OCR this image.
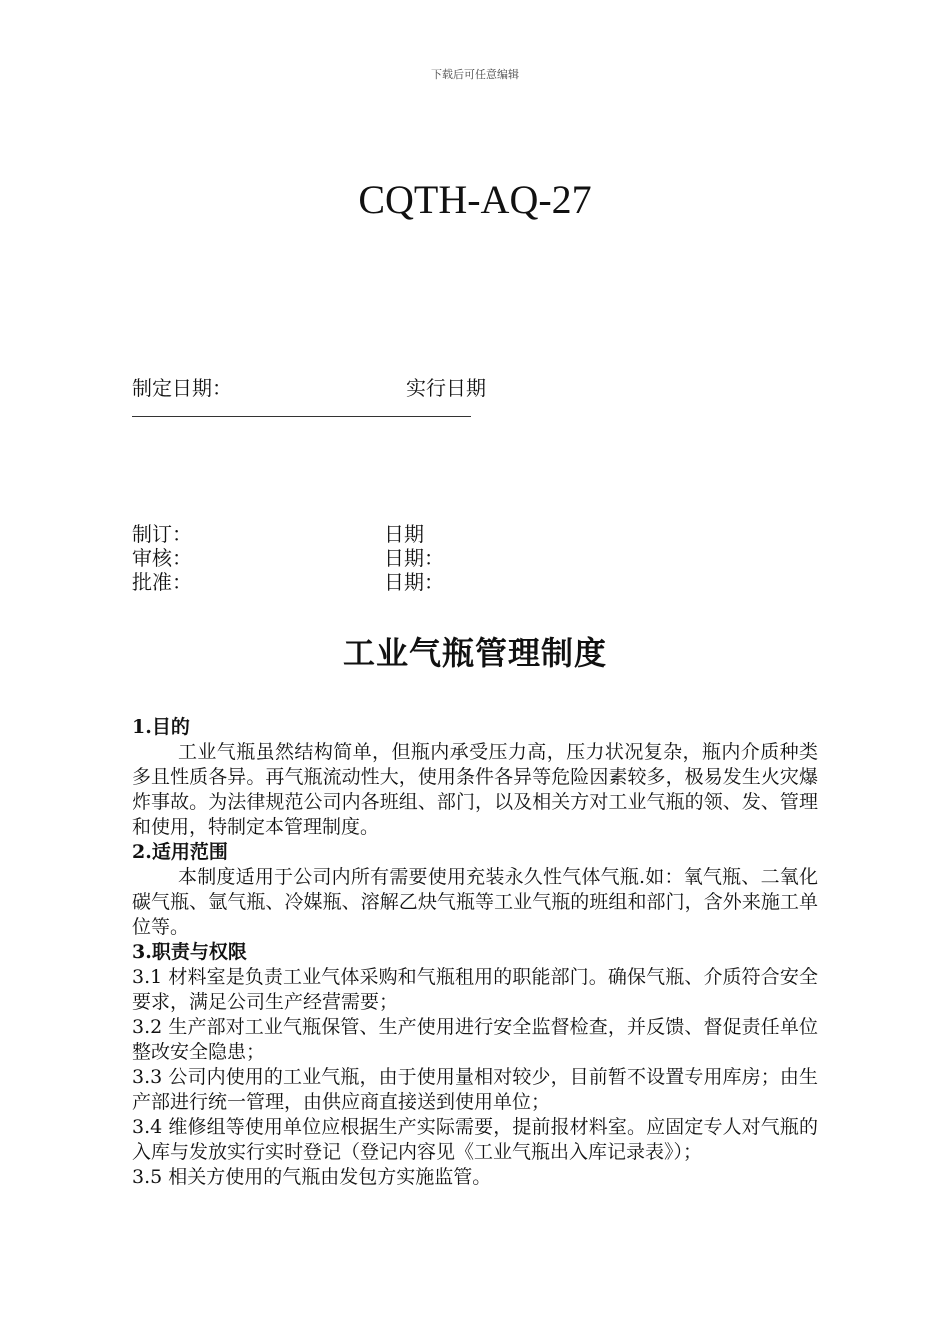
下载后可任意编辑
CQTH-AQ-27
制定日期：	实行日期
制订：
审核：
批准：
日期
日期：
日期：
工业气瓶管理制度

1.目的

工业气瓶虽然结构简单，但瓶内承受压力高，压力状况复杂，瓶内介质种类多且性质各异。再气瓶流动性大，使用条件各异等危险因素较多，极易发生火灾爆炸事故。为法律规范公司内各班组、部门，以及相关方对工业气瓶的领、发、管理和使用，特制定本管理制度。

2.适用范围

本制度适用于公司内所有需要使用充装永久性气体气瓶.如：氧气瓶、二氧化碳气瓶、氩气瓶、冷媒瓶、溶解乙炔气瓶等工业气瓶的班组和部门，含外来施工单位等。

3.职责与权限

3.1 材料室是负责工业气体采购和气瓶租用的职能部门。确保气瓶、介质符合安全要求，满足公司生产经营需要；

3.2 生产部对工业气瓶保管、生产使用进行安全监督检查，并反馈、督促责任单位整改安全隐患；

3.3 公司内使用的工业气瓶，由于使用量相对较少，目前暂不设置专用库房；由生产部进行统一管理，由供应商直接送到使用单位；

3.4 维修组等使用单位应根据生产实际需要，提前报材料室。应固定专人对气瓶的入库与发放实行实时登记（登记内容见《工业气瓶出入库记录表》）；

3.5 相关方使用的气瓶由发包方实施监管。
